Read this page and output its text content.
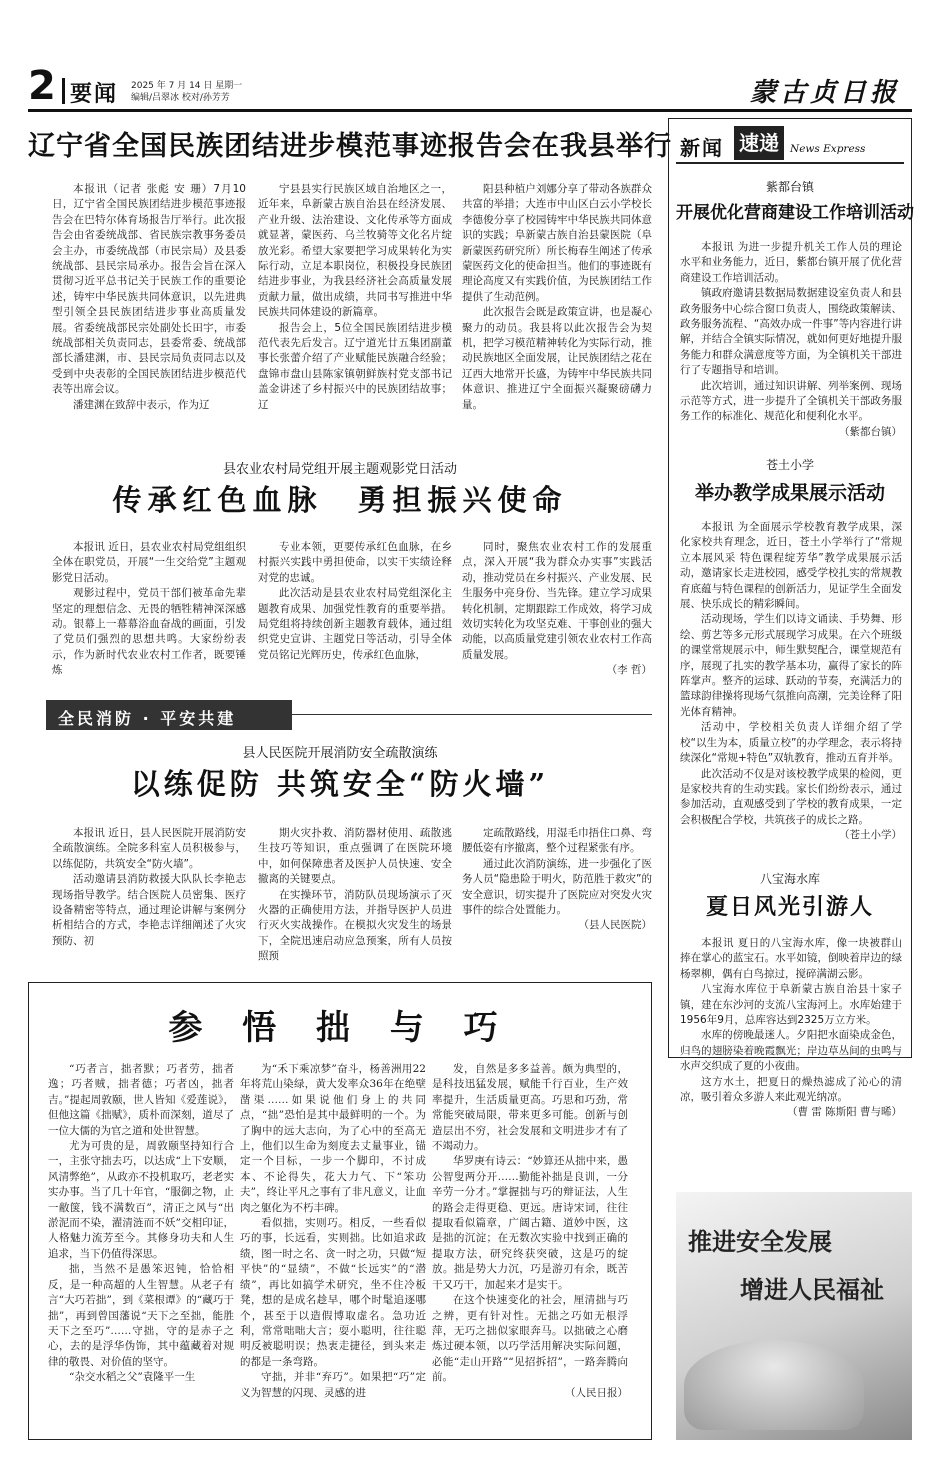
2 要闻 2025 年 7 月 14 日 星期一
编辑/吕翠冰 校对/孙芳芳	蒙古贞日报
辽宁省全国民族团结进步模范事迹报告会在我县举行

本报讯（记者 张彪 安 珊）7月10日，辽宁省全国民族团结进步模范事迹报告会在巴特尔体育场报告厅举行。此次报告会由省委统战部、省民族宗教事务委员会主办，市委统战部（市民宗局）及县委统战部、县民宗局承办。报告会旨在深入贯彻习近平总书记关于民族工作的重要论述，铸牢中华民族共同体意识，以先进典型引领全县民族团结进步事业高质量发展。省委统战部民宗处副处长田宇，市委统战部相关负责同志，县委常委、统战部部长潘建渊，市、县民宗局负责同志以及受到中央表彰的全国民族团结进步模范代表等出席会议。

潘建渊在致辞中表示，作为辽

宁县县实行民族区域自治地区之一，近年来，阜新蒙古族自治县在经济发展、产业升级、法治建设、文化传承等方面成就显著，蒙医药、乌兰牧骑等文化名片绽放光彩。希望大家要把学习成果转化为实际行动，立足本职岗位，积极投身民族团结进步事业，为我县经济社会高质量发展贡献力量，做出成绩，共同书写推进中华民族共同体建设的新篇章。

报告会上，5位全国民族团结进步模范代表先后发言。辽宁道光廿五集团副董事长张蕾介绍了产业赋能民族融合经验；盘锦市盘山县陈家镇朝鲜族村党支部书记盖金讲述了乡村振兴中的民族团结故事；辽

阳县种植户刘娜分享了带动各族群众共富的举措；大连市中山区白云小学校长李德俊分享了校园铸牢中华民族共同体意识的实践；阜新蒙古族自治县蒙医院（阜新蒙医药研究所）所长梅春生阐述了传承蒙医药文化的使命担当。他们的事迹既有理论高度又有实践价值，为民族团结工作提供了生动范例。

此次报告会既是政策宣讲，也是凝心聚力的动员。我县将以此次报告会为契机，把学习模范精神转化为实际行动，推动民族地区全面发展，让民族团结之花在辽西大地常开长盛，为铸牢中华民族共同体意识、推进辽宁全面振兴凝聚磅礴力量。

县农业农村局党组开展主题观影党日活动
传承红色血脉　勇担振兴使命

本报讯 近日，县农业农村局党组组织全体在职党员，开展“一生交给党”主题观影党日活动。

观影过程中，党员干部们被革命先辈坚定的理想信念、无畏的牺牲精神深深感动。银幕上一幕幕浴血奋战的画面，引发了党员们强烈的思想共鸣。大家纷纷表示，作为新时代农业农村工作者，既要锤炼

专业本领，更要传承红色血脉，在乡村振兴实践中勇担使命，以实干实绩诠释对党的忠诚。

此次活动是县农业农村局党组深化主题教育成果、加强党性教育的重要举措。局党组将持续创新主题教育载体，通过组织党史宣讲、主题党日等活动，引导全体党员铭记光辉历史，传承红色血脉，

同时，聚焦农业农村工作的发展重点，深入开展“我为群众办实事”实践活动，推动党员在乡村振兴、产业发展、民生服务中亮身份、当先锋。建立学习成果转化机制，定期跟踪工作成效，将学习成效切实转化为攻坚克难、干事创业的强大动能，以高质量党建引领农业农村工作高质量发展。

（李 哲）

全民消防 · 平安共建
县人民医院开展消防安全疏散演练
以练促防 共筑安全“防火墙”

本报讯 近日，县人民医院开展消防安全疏散演练。全院多科室人员积极参与，以练促防，共筑安全“防火墙”。

活动邀请县消防救援大队队长李艳志现场指导教学。结合医院人员密集、医疗设备精密等特点，通过理论讲解与案例分析相结合的方式，李艳志详细阐述了火灾预防、初

期火灾扑救、消防器材使用、疏散逃生技巧等知识，重点强调了在医院环境中，如何保障患者及医护人员快速、安全撤离的关键要点。

在实操环节，消防队员现场演示了灭火器的正确使用方法，并指导医护人员进行灭火实战操作。在模拟火灾发生的场景下，全院迅速启动应急预案，所有人员按照预

定疏散路线，用湿毛巾捂住口鼻、弯腰低姿有序撤离，整个过程紧张有序。

通过此次消防演练，进一步强化了医务人员“隐患险于明火，防范胜于救灾”的安全意识，切实提升了医院应对突发火灾事件的综合处置能力。

（县人民医院）

参 悟 拙 与 巧

“巧者言，拙者默；巧者劳，拙者逸；巧者贼，拙者德；巧者凶，拙者吉。”提起周敦颐，世人皆知《爱莲说》，但他这篇《拙赋》，质朴而深刻，道尽了一位大儒的为官之道和处世智慧。

尤为可贵的是，周敦颐坚持知行合一，主张守拙去巧，以达成“上下安顺，风清弊绝”，从政亦不投机取巧，老老实实办事。当了几十年官，“服御之物，止一敝箧，钱不满数百”，清正之风与“出淤泥而不染，濯清涟而不妖”交相印证，人格魅力流芳至今。其修身功夫和人生追求，当下仍值得深思。

拙，当然不是愚笨迟钝，恰恰相反，是一种高超的人生智慧。从老子有言“大巧若拙”，到《菜根谭》的“藏巧于拙”，再到曾国藩说“天下之至拙，能胜天下之至巧”……守拙，守的是赤子之心，去的是浮华伪饰，其中蕴藏着对规律的敬畏、对价值的坚守。

“杂交水稻之父”袁隆平一生

为“禾下乘凉梦”奋斗，杨善洲用22年将荒山染绿，黄大发率众36年在绝壁凿渠……如果说他们身上的共同点，“拙”恐怕是其中最鲜明的一个。为了胸中的远大志向，为了心中的至高无上，他们以生命为刻度去丈量事业，锚定一个目标，一步一个脚印，不讨成本、不论得失，花大力气、下“笨功夫”，终让平凡之事有了非凡意义，让血肉之躯化为不朽丰碑。

看似拙，实则巧。相反，一些看似巧的事，长远看，实则拙。比如追求政绩，图一时之名、贪一时之功，只做“短平快”的“显绩”，不做“长远实”的“潜绩”，再比如搞学术研究，坐不住冷板凳，想的是成名趁早，哪个时髦追逐哪个，甚至于以造假博取虚名。急功近利，常常咄咄大言；耍小聪明，往往聪明反被聪明误；热衷走捷径，到头来走的都是一条弯路。

守拙，并非“弃巧”。如果把“巧”定义为智慧的闪现、灵感的进

发，自然是多多益善。颇为典型的，是科技迅猛发展，赋能千行百业，生产效率提升，生活质量更高。巧思和巧劲，常常能突破局限，带来更多可能。创新与创造层出不穷，社会发展和文明进步才有了不竭动力。

华罗庚有诗云：“妙算还从拙中来，愚公智叟两分开……勤能补拙是良训，一分辛劳一分才。”掌握拙与巧的辩证法，人生的路会走得更稳、更远。唐诗宋词，往往提取看似篇章，广阔古籍、道妙中医，这是拙的沉淀；在无数次实验中找到正确的提取方法，研究终获突破，这是巧的绽放。拙是势大力沉，巧是游刃有余，既苦干又巧干，加起来才是实干。

在这个快速变化的社会，厘清拙与巧之辨，更有针对性。无拙之巧如无根浮萍，无巧之拙似家眼奔马。以拙破之心磨炼过硬本领，以巧学活用解决实际问题，必能“走山开路”“见招拆招”，一路奔腾向前。

（人民日报）

新闻 速递	News Express
紫都台镇
开展优化营商建设工作培训活动

本报讯 为进一步提升机关工作人员的理论水平和业务能力，近日，紫都台镇开展了优化营商建设工作培训活动。

镇政府邀请县数据局数据建设室负责人和县政务服务中心综合窗口负责人，围绕政策解读、政务服务流程、“高效办成一件事”等内容进行讲解，并结合全镇实际情况，就如何更好地提升服务能力和群众满意度等方面，为全镇机关干部进行了专题指导和培训。

此次培训，通过知识讲解、列举案例、现场示范等方式，进一步提升了全镇机关干部政务服务工作的标准化、规范化和便利化水平。

（紫都台镇）

苍土小学
举办教学成果展示活动

本报讯 为全面展示学校教育教学成果，深化家校共育理念，近日，苍土小学举行了“常规立本展风采 特色课程绽芳华”教学成果展示活动，邀请家长走进校园，感受学校扎实的常规教育底蕴与特色课程的创新活力，见证学生全面发展、快乐成长的精彩瞬间。

活动现场，学生们以诗文诵读、手势舞、形绘、剪艺等多元形式展现学习成果。在六个班级的课堂常规展示中，师生默契配合，课堂规范有序，展现了扎实的教学基本功，赢得了家长的阵阵掌声。整齐的运球、跃动的节奏，充满活力的篮球韵律操将现场气氛推向高潮，完美诠释了阳光体育精神。

活动中，学校相关负责人详细介绍了学校“以生为本，质量立校”的办学理念，表示将持续深化“常规+特色”双轨教育，推动五育并举。

此次活动不仅是对该校教学成果的检阅，更是家校共育的生动实践。家长们纷纷表示，通过参加活动，直观感受到了学校的教育成果，一定会积极配合学校，共筑孩子的成长之路。

（苍土小学）

八宝海水库
夏日风光引游人

本报讯 夏日的八宝海水库，像一块被群山捧在掌心的蓝宝石。水平如镜，倒映着岸边的绿杨翠柳，偶有白鸟掠过，搅碎满湖云影。

八宝海水库位于阜新蒙古族自治县十家子镇，建在东沙河的支流八宝海河上。水库始建于1956年9月，总库容达到2325万立方米。

水库的傍晚最迷人。夕阳把水面染成金色，归鸟的翅膀染着晚霞飘光；岸边草丛间的虫鸣与水声交织成了夏的小夜曲。

这方水土，把夏日的燥热滤成了沁心的清凉，吸引着众多游人来此观光纳凉。

（曹 雷 陈斯阳 曹与晞）

推进安全发展
增进人民福祉
